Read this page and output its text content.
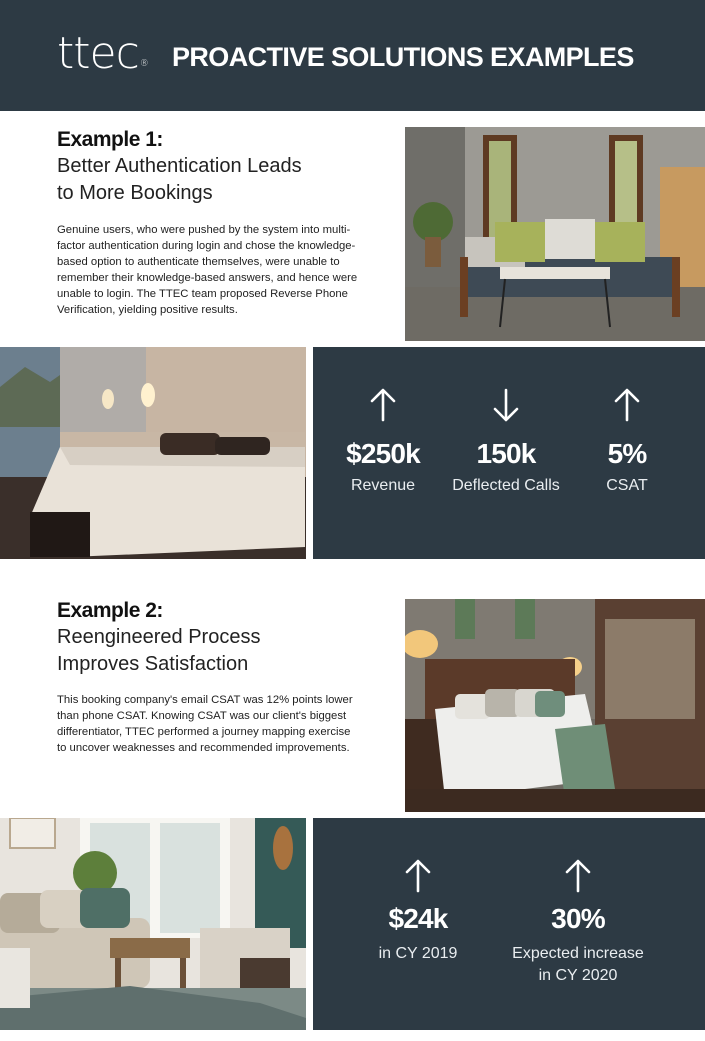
ttec® PROACTIVE SOLUTIONS EXAMPLES
Example 1:
Better Authentication Leads
to More Bookings
Genuine users, who were pushed by the system into multi-
factor authentication during login and chose the knowledge-
based option to authenticate themselves, were unable to
remember their knowledge-based answers, and hence were
unable to login. The TTEC team proposed Reverse Phone
Verification, yielding positive results.
$250k	150k	5%
Revenue	Deflected Calls	CSAT
Example 2:
Reengineered Process
Improves Satisfaction
This booking company's email CSAT was 12% points lower
than phone CSAT. Knowing CSAT was our client's biggest
differentiator, TTEC performed a journey mapping exercise
to uncover weaknesses and recommended improvements.
$24k	30%
in CY 2019	Expected increase
in CY 2020
